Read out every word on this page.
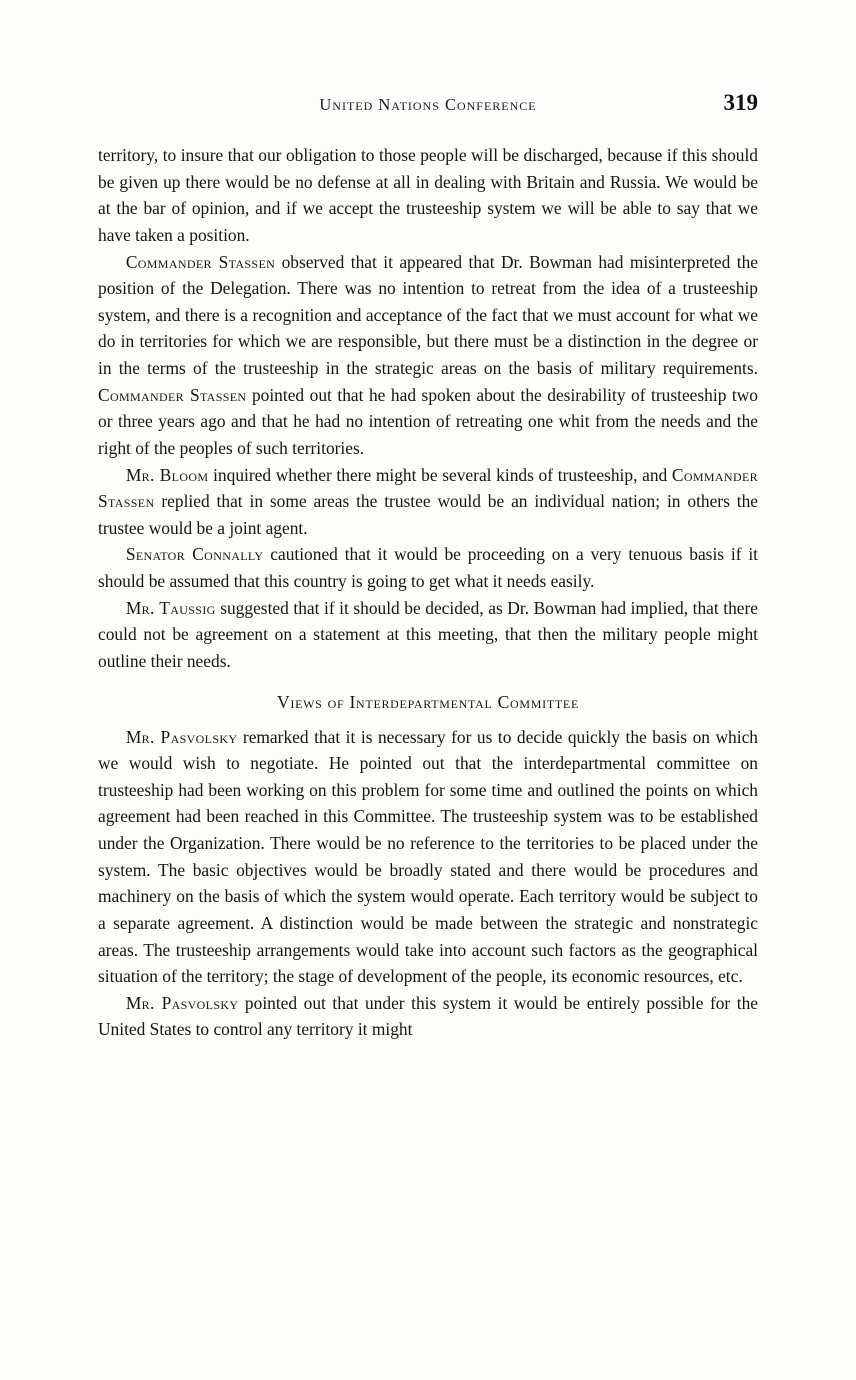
United Nations Conference	319

territory, to insure that our obligation to those people will be discharged, because if this should be given up there would be no defense at all in dealing with Britain and Russia. We would be at the bar of opinion, and if we accept the trusteeship system we will be able to say that we have taken a position.

Commander Stassen observed that it appeared that Dr. Bowman had misinterpreted the position of the Delegation. There was no intention to retreat from the idea of a trusteeship system, and there is a recognition and acceptance of the fact that we must account for what we do in territories for which we are responsible, but there must be a distinction in the degree or in the terms of the trusteeship in the strategic areas on the basis of military requirements. Commander Stassen pointed out that he had spoken about the desirability of trusteeship two or three years ago and that he had no intention of retreating one whit from the needs and the right of the peoples of such territories.

Mr. Bloom inquired whether there might be several kinds of trusteeship, and Commander Stassen replied that in some areas the trustee would be an individual nation; in others the trustee would be a joint agent.

Senator Connally cautioned that it would be proceeding on a very tenuous basis if it should be assumed that this country is going to get what it needs easily.

Mr. Taussig suggested that if it should be decided, as Dr. Bowman had implied, that there could not be agreement on a statement at this meeting, that then the military people might outline their needs.

Views of Interdepartmental Committee

Mr. Pasvolsky remarked that it is necessary for us to decide quickly the basis on which we would wish to negotiate. He pointed out that the interdepartmental committee on trusteeship had been working on this problem for some time and outlined the points on which agreement had been reached in this Committee. The trusteeship system was to be established under the Organization. There would be no reference to the territories to be placed under the system. The basic objectives would be broadly stated and there would be procedures and machinery on the basis of which the system would operate. Each territory would be subject to a separate agreement. A distinction would be made between the strategic and nonstrategic areas. The trusteeship arrangements would take into account such factors as the geographical situation of the territory; the stage of development of the people, its economic resources, etc.

Mr. Pasvolsky pointed out that under this system it would be entirely possible for the United States to control any territory it might
